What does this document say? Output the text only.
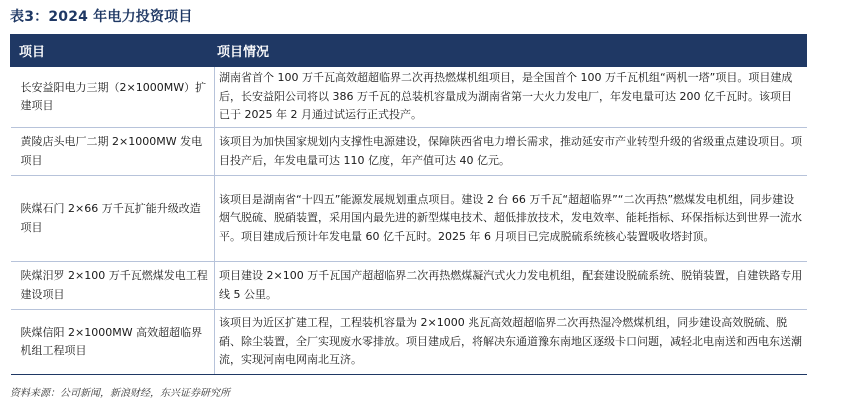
表3：2024 年电力投资项目
项目	项目情况
长安益阳电力三期（2×1000MW）扩建项目	湖南省首个 100 万千瓦高效超超临界二次再热燃煤机组项目，是全国首个 100 万千瓦机组“两机一塔”项目。项目建成后，长安益阳公司将以 386 万千瓦的总装机容量成为湖南省第一大火力发电厂，年发电量可达 200 亿千瓦时。该项目已于 2025 年 2 月通过试运行正式投产。
黄陵店头电厂二期 2×1000MW 发电项目	该项目为加快国家规划内支撑性电源建设，保障陕西省电力增长需求，推动延安市产业转型升级的省级重点建设项目。项目投产后，年发电量可达 110 亿度，年产值可达 40 亿元。
陕煤石门 2×66 万千瓦扩能升级改造项目	该项目是湖南省“十四五”能源发展规划重点项目。建设 2 台 66 万千瓦“超超临界”“二次再热”燃煤发电机组，同步建设烟气脱硫、脱硝装置，采用国内最先进的新型煤电技术、超低排放技术，发电效率、能耗指标、环保指标达到世界一流水平。项目建成后预计年发电量 60 亿千瓦时。2025 年 6 月项目已完成脱硫系统核心装置吸收塔封顶。
陕煤汨罗 2×100 万千瓦燃煤发电工程建设项目	项目建设 2×100 万千瓦国产超超临界二次再热燃煤凝汽式火力发电机组，配套建设脱硫系统、脱销装置，自建铁路专用线 5 公里。
陕煤信阳 2×1000MW 高效超超临界机组工程项目	该项目为近区扩建工程，工程装机容量为 2×1000 兆瓦高效超超临界二次再热湿冷燃煤机组，同步建设高效脱硫、脱硝、除尘装置，全厂实现废水零排放。项目建成后，将解决东通道豫东南地区逐级卡口问题，减轻北电南送和西电东送潮流，实现河南电网南北互济。
资料来源：公司新闻，新浪财经，东兴证券研究所
